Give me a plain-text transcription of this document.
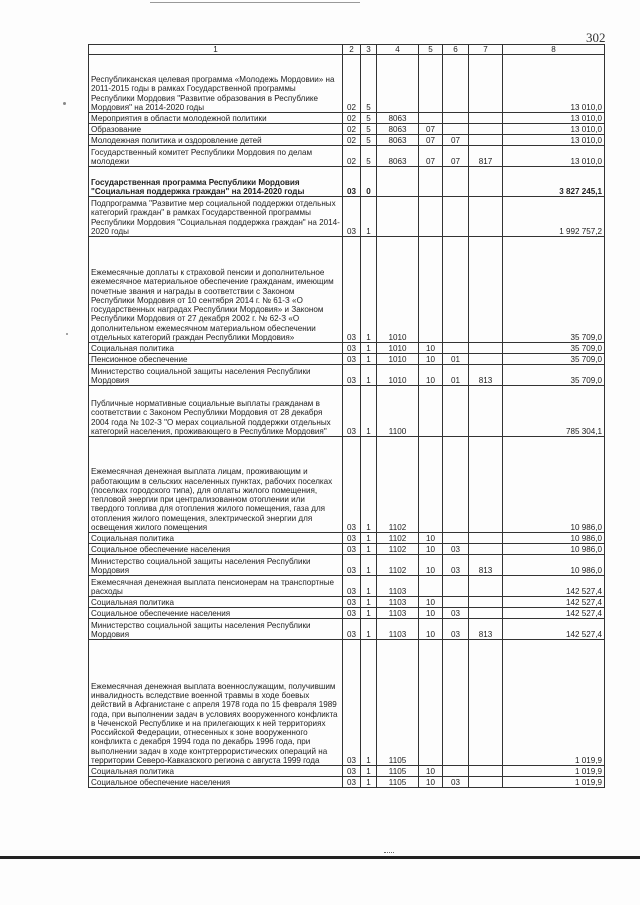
302
1	2	3	4	5	6	7	8
Республиканская целевая программа «Молодежь Мордовии» на 2011-2015 годы в рамках Государственной программы Республики Мордовия "Развитие образования в Республике Мордовия" на 2014-2020 годы	02	5					13 010,0
Мероприятия в области молодежной политики	02	5	8063				13 010,0
Образование	02	5	8063	07			13 010,0
Молодежная политика и оздоровление детей	02	5	8063	07	07		13 010,0
Государственный комитет Республики Мордовия по делам молодежи	02	5	8063	07	07	817	13 010,0
Государственная программа Республики Мордовия "Социальная поддержка граждан" на 2014-2020 годы	03	0					3 827 245,1
Подпрограмма "Развитие мер социальной поддержки отдельных категорий граждан" в рамках Государственной программы Республики Мордовия "Социальная поддержка граждан" на 2014-2020 годы	03	1					1 992 757,2
Ежемесячные доплаты к страховой пенсии и дополнительное ежемесячное материальное обеспечение гражданам, имеющим почетные звания и награды в соответствии с Законом Республики Мордовия от 10 сентября 2014 г. № 61-З «О государственных наградах Республики Мордовия» и Законом Республики Мордовия от 27 декабря 2002 г. № 62-З «О дополнительном ежемесячном материальном обеспечении отдельных категорий граждан Республики Мордовия»	03	1	1010				35 709,0
Социальная политика	03	1	1010	10			35 709,0
Пенсионное обеспечение	03	1	1010	10	01		35 709,0
Министерство социальной защиты населения Республики Мордовия	03	1	1010	10	01	813	35 709,0
Публичные нормативные социальные выплаты гражданам в соответствии с Законом Республики Мордовия от 28 декабря 2004 года № 102-З "О мерах социальной поддержки отдельных категорий населения, проживающего в Республике Мордовия"	03	1	1100				785 304,1
Ежемесячная денежная выплата лицам, проживающим и работающим в сельских населенных пунктах, рабочих поселках (поселках городского типа), для оплаты жилого помещения, тепловой энергии при централизованном отоплении или твердого топлива для отопления жилого помещения, газа для отопления жилого помещения, электрической энергии для освещения жилого помещения	03	1	1102				10 986,0
Социальная политика	03	1	1102	10			10 986,0
Социальное обеспечение населения	03	1	1102	10	03		10 986,0
Министерство социальной защиты населения Республики Мордовия	03	1	1102	10	03	813	10 986,0
Ежемесячная денежная выплата пенсионерам на транспортные расходы	03	1	1103				142 527,4
Социальная политика	03	1	1103	10			142 527,4
Социальное обеспечение населения	03	1	1103	10	03		142 527,4
Министерство социальной защиты населения Республики Мордовия	03	1	1103	10	03	813	142 527,4
Ежемесячная денежная выплата военнослужащим, получившим инвалидность вследствие военной травмы в ходе боевых действий в Афганистане с апреля 1978 года по 15 февраля 1989 года, при выполнении задач в условиях вооруженного конфликта в Чеченской Республике и на прилегающих к ней территориях Российской Федерации, отнесенных к зоне вооруженного конфликта с декабря 1994 года по декабрь 1996 года, при выполнении задач в ходе контртеррористических операций на территории Северо-Кавказского региона с августа 1999 года	03	1	1105				1 019,9
Социальная политика	03	1	1105	10			1 019,9
Социальное обеспечение населения	03	1	1105	10	03		1 019,9
